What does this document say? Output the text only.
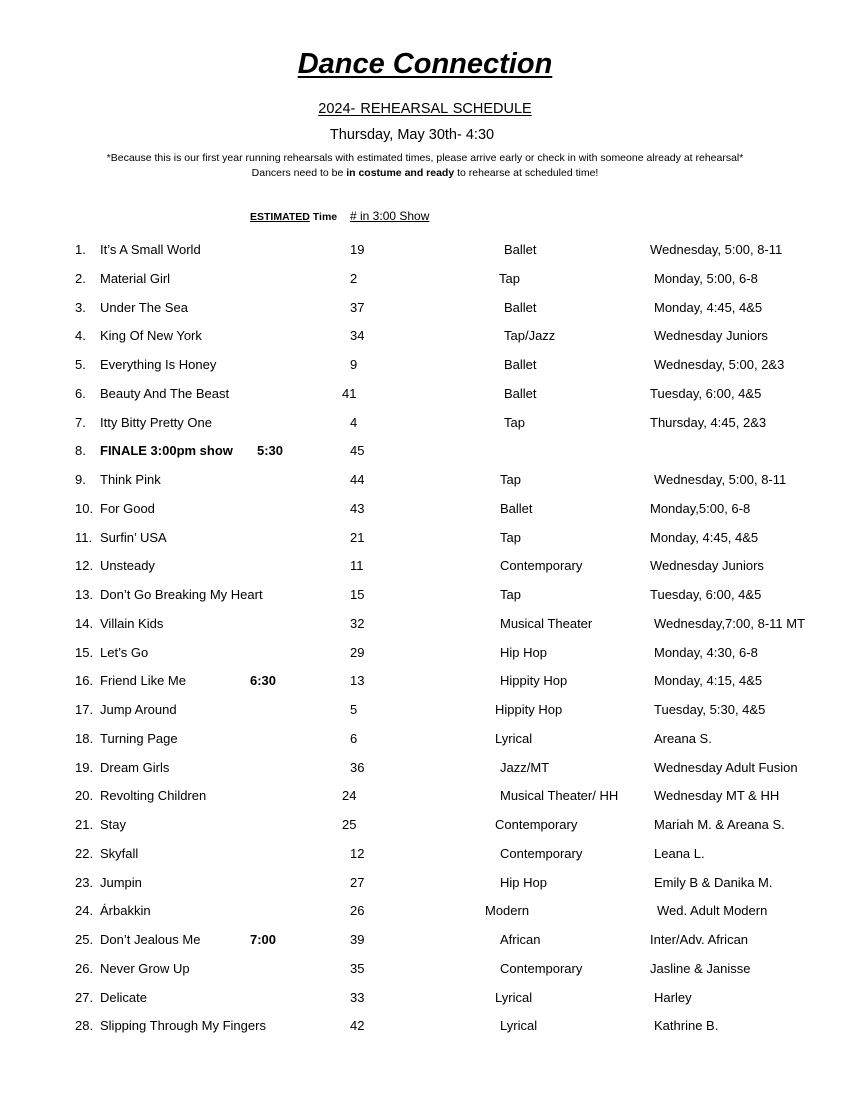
Dance Connection
2024- REHEARSAL SCHEDULE
Thursday, May 30th- 4:30
*Because this is our first year running rehearsals with estimated times, please arrive early or check in with someone already at rehearsal*
Dancers need to be in costume and ready to rehearse at scheduled time!
ESTIMATED Time # in 3:00 Show
1. It’s A Small World	19	Ballet	Wednesday, 5:00, 8-11
2. Material Girl	2	Tap	Monday, 5:00, 6-8
3. Under The Sea	37	Ballet	Monday, 4:45, 4&5
4. King Of New York	34	Tap/Jazz	Wednesday Juniors
5. Everything Is Honey	9	Ballet	Wednesday, 5:00, 2&3
6. Beauty And The Beast	41	Ballet	Tuesday, 6:00, 4&5
7. Itty Bitty Pretty One	4	Tap	Thursday, 4:45, 2&3
8. FINALE 3:00pm show 5:30	45
9. Think Pink	44	Tap	Wednesday, 5:00, 8-11
10. For Good	43	Ballet	Monday,5:00, 6-8
11. Surfin’ USA	21	Tap	Monday, 4:45, 4&5
12. Unsteady	11	Contemporary	Wednesday Juniors
13. Don’t Go Breaking My Heart	15	Tap	Tuesday, 6:00, 4&5
14. Villain Kids	32	Musical Theater	Wednesday,7:00, 8-11 MT
15. Let’s Go	29	Hip Hop	Monday, 4:30, 6-8
16. Friend Like Me	6:30	13	Hippity Hop	Monday, 4:15, 4&5
17. Jump Around	5	Hippity Hop	Tuesday, 5:30, 4&5
18. Turning Page	6	Lyrical	Areana S.
19. Dream Girls	36	Jazz/MT	Wednesday Adult Fusion
20. Revolting Children	24	Musical Theater/ HH	Wednesday MT & HH
21. Stay	25	Contemporary	Mariah M. & Areana S.
22. Skyfall	12	Contemporary	Leana L.
23. Jumpin	27	Hip Hop	Emily B & Danika M.
24. Árbakkin	26	Modern	Wed. Adult Modern
25. Don’t Jealous Me	7:00	39	African	Inter/Adv. African
26. Never Grow Up	35	Contemporary	Jasline & Janisse
27. Delicate	33	Lyrical	Harley
28. Slipping Through My Fingers	42	Lyrical	Kathrine B.
